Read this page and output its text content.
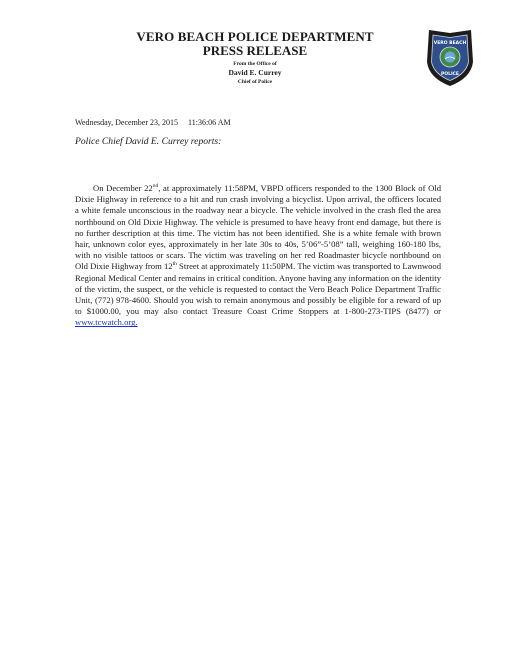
VERO BEACH POLICE DEPARTMENT
PRESS RELEASE
From the Office of
David E. Currey
Chief of Police
VERO BEACH
POLICE
Wednesday, December 23, 2015 11:36:06 AM
Police Chief David E. Currey reports:
On December 22nd, at approximately 11:58PM, VBPD officers responded to the 1300 Block of Old Dixie Highway in reference to a hit and run crash involving a bicyclist. Upon arrival, the officers located a white female unconscious in the roadway near a bicycle. The vehicle involved in the crash fled the area northbound on Old Dixie Highway. The vehicle is presumed to have heavy front end damage, but there is no further description at this time. The victim has not been identified. She is a white female with brown hair, unknown color eyes, approximately in her late 30s to 40s, 5’06”-5’08” tall, weighing 160-180 lbs, with no visible tattoos or scars. The victim was traveling on her red Roadmaster bicycle northbound on Old Dixie Highway from 12th Street at approximately 11:50PM. The victim was transported to Lawnwood Regional Medical Center and remains in critical condition. Anyone having any information on the identity of the victim, the suspect, or the vehicle is requested to contact the Vero Beach Police Department Traffic Unit, (772) 978-4600. Should you wish to remain anonymous and possibly be eligible for a reward of up to $1000.00, you may also contact Treasure Coast Crime Stoppers at 1-800-273-TIPS (8477) or www.tcwatch.org.
